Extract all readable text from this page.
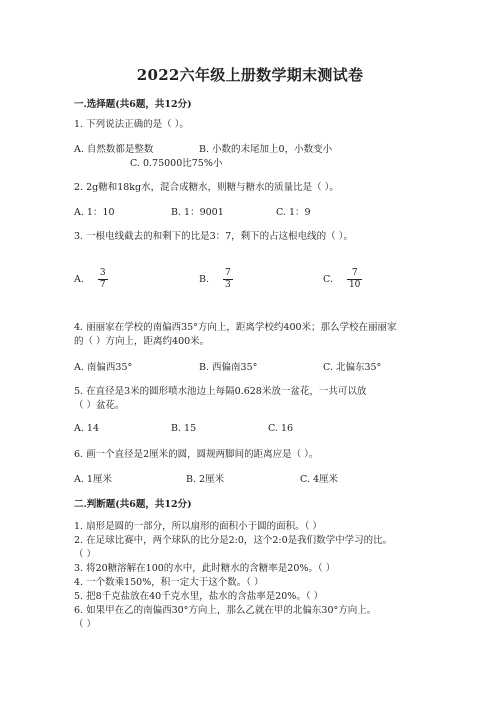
2022六年级上册数学期末测试卷
一.选择题(共6题，共12分)
1. 下列说法正确的是（ ）。
A. 自然数都是整数	B. 小数的末尾加上0，小数变小
C. 0.75000比75%小
2. 2g糖和18kg水，混合成糖水，则糖与糖水的质量比是（ ）。
A. 1：10	B. 1：9001	C. 1：9
3. 一根电线截去的和剩下的比是3：7，剩下的占这根电线的（ ）。
A. $\frac{3}{7}$	B. $\frac{7}{3}$	C. $\frac{7}{10}$
4. 丽丽家在学校的南偏西35°方向上，距离学校约400米；那么学校在丽丽家
的（ ）方向上，距离约400米。
A. 南偏西35°	B. 西偏南35°	C. 北偏东35°
5. 在直径是3米的圆形喷水池边上每隔0.628米放一盆花，一共可以放
（ ）盆花。
A. 14	B. 15	C. 16
6. 画一个直径是2厘米的圆，圆规两脚间的距离应是（ ）。
A. 1厘米	B. 2厘米	C. 4厘米
二.判断题(共6题，共12分)
1. 扇形是圆的一部分，所以扇形的面积小于圆的面积。（ ）
2. 在足球比赛中，两个球队的比分是2:0，这个2:0是我们数学中学习的比。
（ ）
3. 将20糖溶解在100的水中，此时糖水的含糖率是20%。（ ）
4. 一个数乘150%，积一定大于这个数。（ ）
5. 把8千克盐放在40千克水里，盐水的含盐率是20%。（ ）
6. 如果甲在乙的南偏西30°方向上，那么乙就在甲的北偏东30°方向上。
（ ）
